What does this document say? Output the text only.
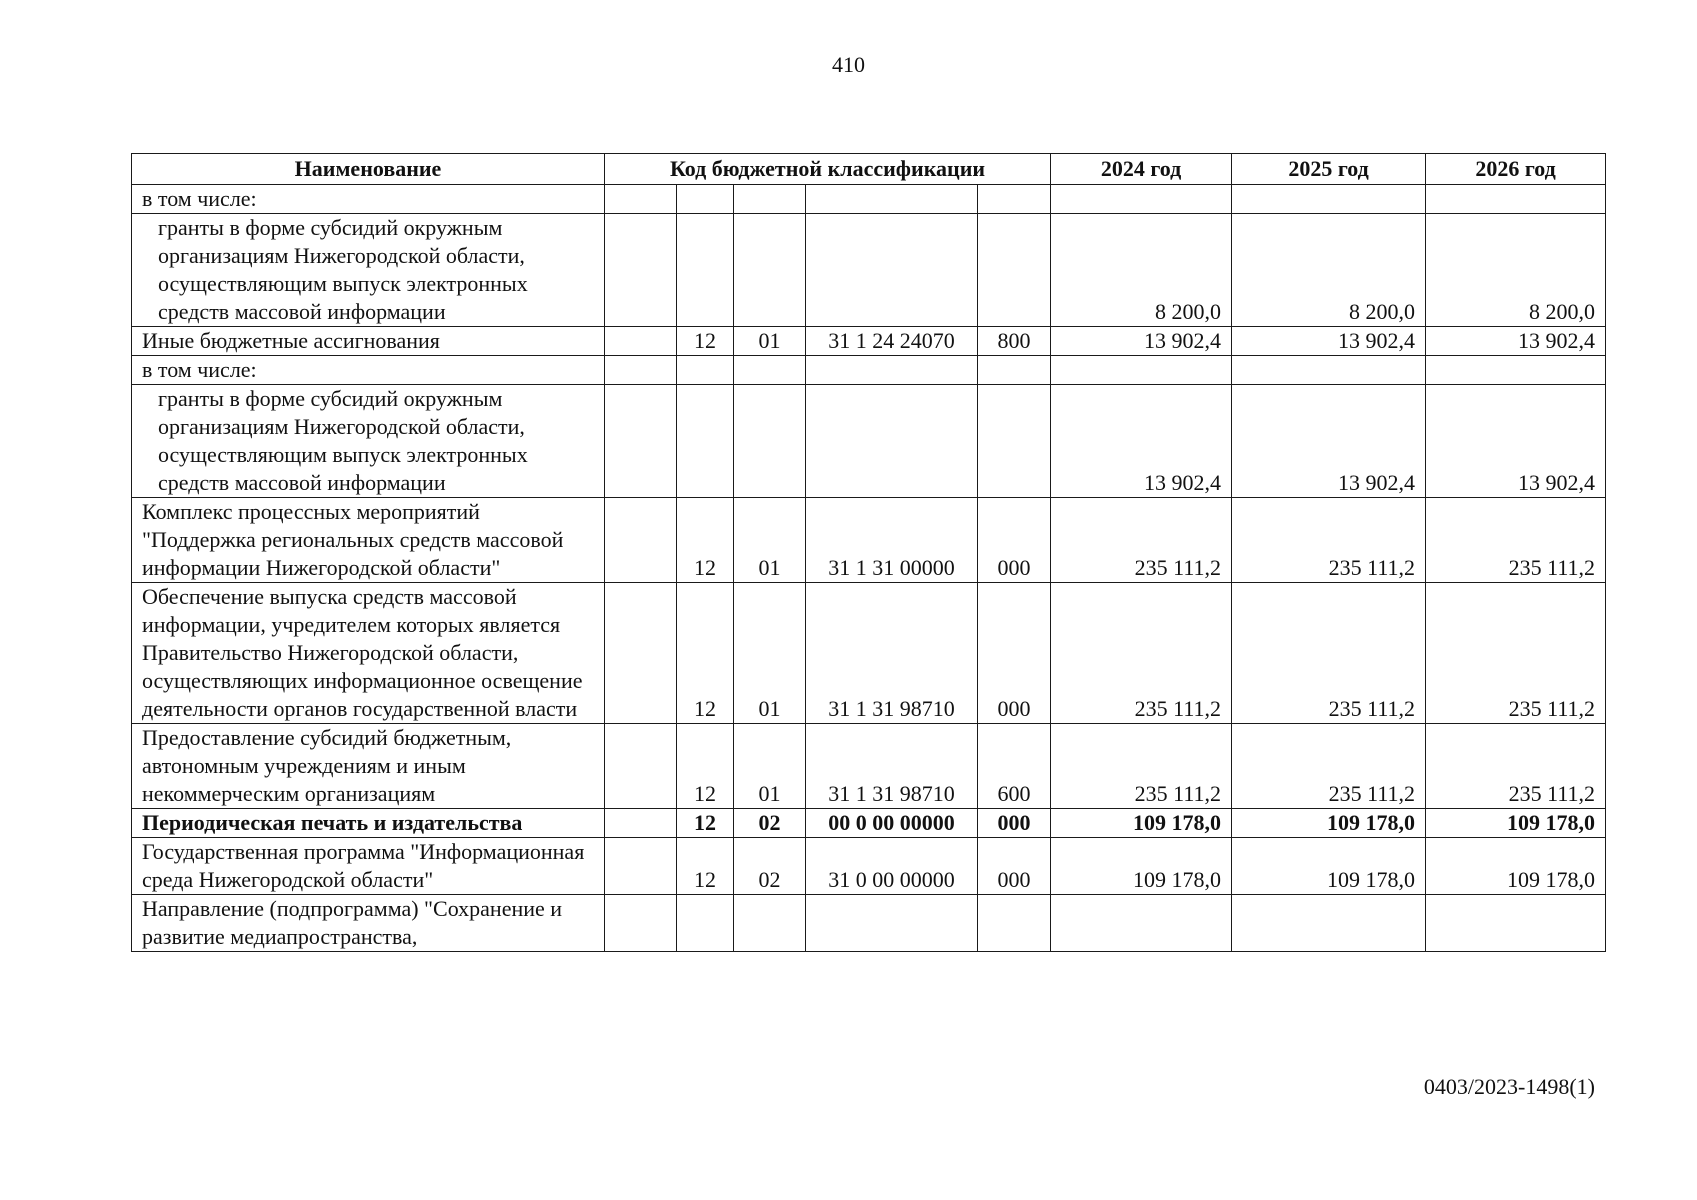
410
Наименование	Код бюджетной классификации					2024 год	2025 год	2026 год
в том числе:								
гранты в форме субсидий окружным организациям Нижегородской области, осуществляющим выпуск электронных средств массовой информации						8 200,0	8 200,0	8 200,0
Иные бюджетные ассигнования		12	01	31 1 24 24070	800	13 902,4	13 902,4	13 902,4
в том числе:								
гранты в форме субсидий окружным организациям Нижегородской области, осуществляющим выпуск электронных средств массовой информации						13 902,4	13 902,4	13 902,4
Комплекс процессных мероприятий "Поддержка региональных средств массовой информации Нижегородской области"		12	01	31 1 31 00000	000	235 111,2	235 111,2	235 111,2
Обеспечение выпуска средств массовой информации, учредителем которых является Правительство Нижегородской области, осуществляющих информационное освещение деятельности органов государственной власти		12	01	31 1 31 98710	000	235 111,2	235 111,2	235 111,2
Предоставление субсидий бюджетным, автономным учреждениям и иным некоммерческим организациям		12	01	31 1 31 98710	600	235 111,2	235 111,2	235 111,2
Периодическая печать и издательства		12	02	00 0 00 00000	000	109 178,0	109 178,0	109 178,0
Государственная программа "Информационная среда Нижегородской области"		12	02	31 0 00 00000	000	109 178,0	109 178,0	109 178,0
Направление (подпрограмма) "Сохранение и развитие медиапространства,								
0403/2023-1498(1)
